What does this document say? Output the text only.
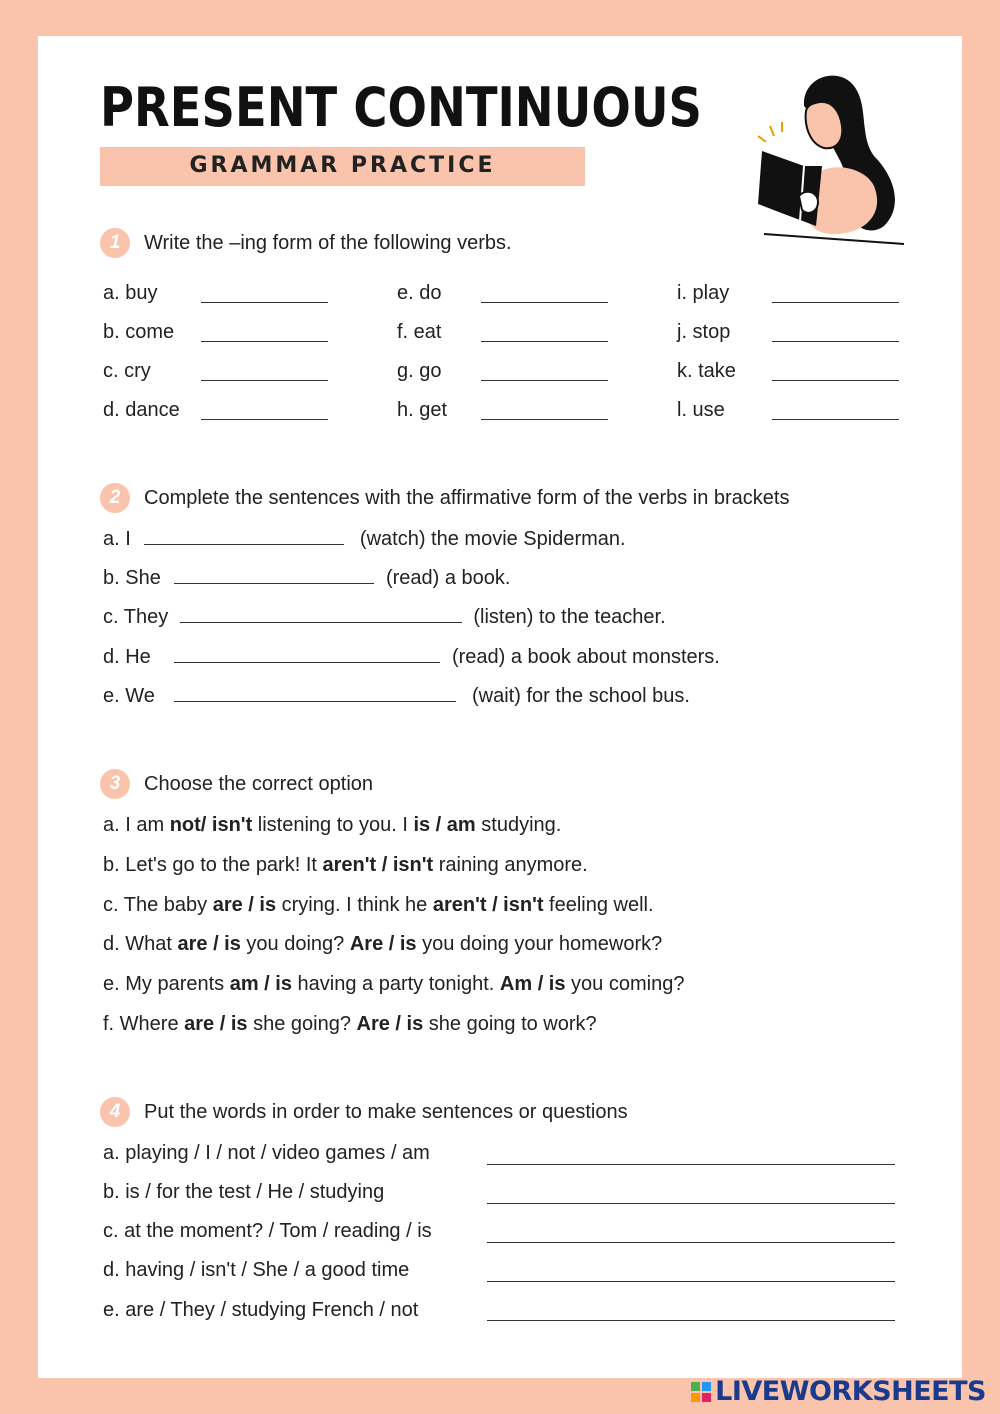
PRESENT CONTINUOUS
GRAMMAR PRACTICE
1	Write the –ing form of the following verbs.
a. buy
b. come
c. cry
d. dance
e. do
f. eat
g. go
h. get
i. play
j. stop
k. take
l. use
2	Complete the sentences with the affirmative form of the verbs in brackets
a. I	(watch) the movie Spiderman.
b. She	(read) a book.
c. They	(listen) to the teacher.
d. He	(read) a book about monsters.
e. We	(wait) for the school bus.
3	Choose the correct option
a. I am not/ isn't listening to you. I is / am studying.
b. Let's go to the park! It aren't / isn't raining anymore.
c. The baby are / is crying. I think he aren't / isn't feeling well.
d. What are / is you doing? Are / is you doing your homework?
e. My parents am / is having a party tonight. Am / is you coming?
f. Where are / is she going? Are / is she going to work?
4	Put the words in order to make sentences or questions
a. playing / I / not / video games / am
b. is / for the test / He / studying
c. at the moment? / Tom / reading / is
d. having / isn't / She / a good time
e. are / They / studying French / not
LIVEWORKSHEETS
